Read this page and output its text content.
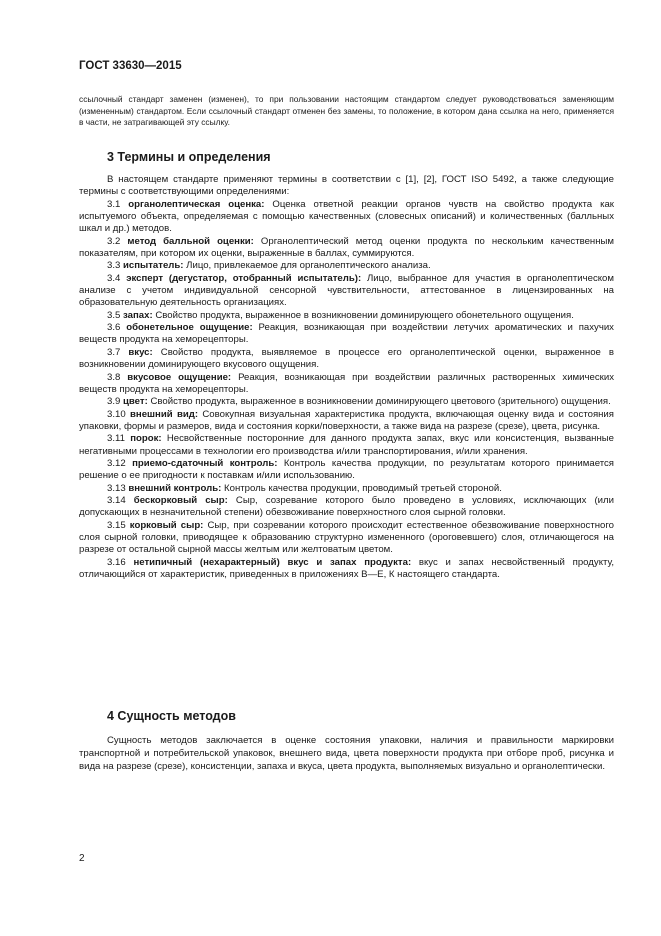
ГОСТ 33630—2015
ссылочный стандарт заменен (изменен), то при пользовании настоящим стандартом следует руководствоваться заменяющим (измененным) стандартом. Если ссылочный стандарт отменен без замены, то положение, в котором дана ссылка на него, применяется в части, не затрагивающей эту ссылку.
3 Термины и определения

В настоящем стандарте применяют термины в соответствии с [1], [2], ГОСТ ISO 5492, а также следующие термины с соответствующими определениями:

3.1 органолептическая оценка: Оценка ответной реакции органов чувств на свойство продукта как испытуемого объекта, определяемая с помощью качественных (словесных описаний) и количественных (балльных шкал и др.) методов.

3.2 метод балльной оценки: Органолептический метод оценки продукта по нескольким качественным показателям, при котором их оценки, выраженные в баллах, суммируются.

3.3 испытатель: Лицо, привлекаемое для органолептического анализа.

3.4 эксперт (дегустатор, отобранный испытатель): Лицо, выбранное для участия в органолептическом анализе с учетом индивидуальной сенсорной чувствительности, аттестованное в лицензированных на образовательную деятельность организациях.

3.5 запах: Свойство продукта, выраженное в возникновении доминирующего обонетельного ощущения.

3.6 обонетельное ощущение: Реакция, возникающая при воздействии летучих ароматических и пахучих веществ продукта на хеморецепторы.

3.7 вкус: Свойство продукта, выявляемое в процессе его органолептической оценки, выраженное в возникновении доминирующего вкусового ощущения.

3.8 вкусовое ощущение: Реакция, возникающая при воздействии различных растворенных химических веществ продукта на хеморецепторы.

3.9 цвет: Свойство продукта, выраженное в возникновении доминирующего цветового (зрительного) ощущения.

3.10 внешний вид: Совокупная визуальная характеристика продукта, включающая оценку вида и состояния упаковки, формы и размеров, вида и состояния корки/поверхности, а также вида на разрезе (срезе), цвета, рисунка.

3.11 порок: Несвойственные посторонние для данного продукта запах, вкус или консистенция, вызванные негативными процессами в технологии его производства и/или транспортирования, и/или хранения.

3.12 приемо-сдаточный контроль: Контроль качества продукции, по результатам которого принимается решение о ее пригодности к поставкам и/или использованию.

3.13 внешний контроль: Контроль качества продукции, проводимый третьей стороной.

3.14 бескорковый сыр: Сыр, созревание которого было проведено в условиях, исключающих (или допускающих в незначительной степени) обезвоживание поверхностного слоя сырной головки.

3.15 корковый сыр: Сыр, при созревании которого происходит естественное обезвоживание поверхностного слоя сырной головки, приводящее к образованию структурно измененного (ороговевшего) слоя, отличающегося на разрезе от остальной сырной массы желтым или желтоватым цветом.

3.16 нетипичный (нехарактерный) вкус и запах продукта: вкус и запах несвойственный продукту, отличающийся от характеристик, приведенных в приложениях В—Е, К настоящего стандарта.

4 Сущность методов

Сущность методов заключается в оценке состояния упаковки, наличия и правильности маркировки транспортной и потребительской упаковок, внешнего вида, цвета поверхности продукта при отборе проб, рисунка и вида на разрезе (срезе), консистенции, запаха и вкуса, цвета продукта, выполняемых визуально и органолептически.

2
